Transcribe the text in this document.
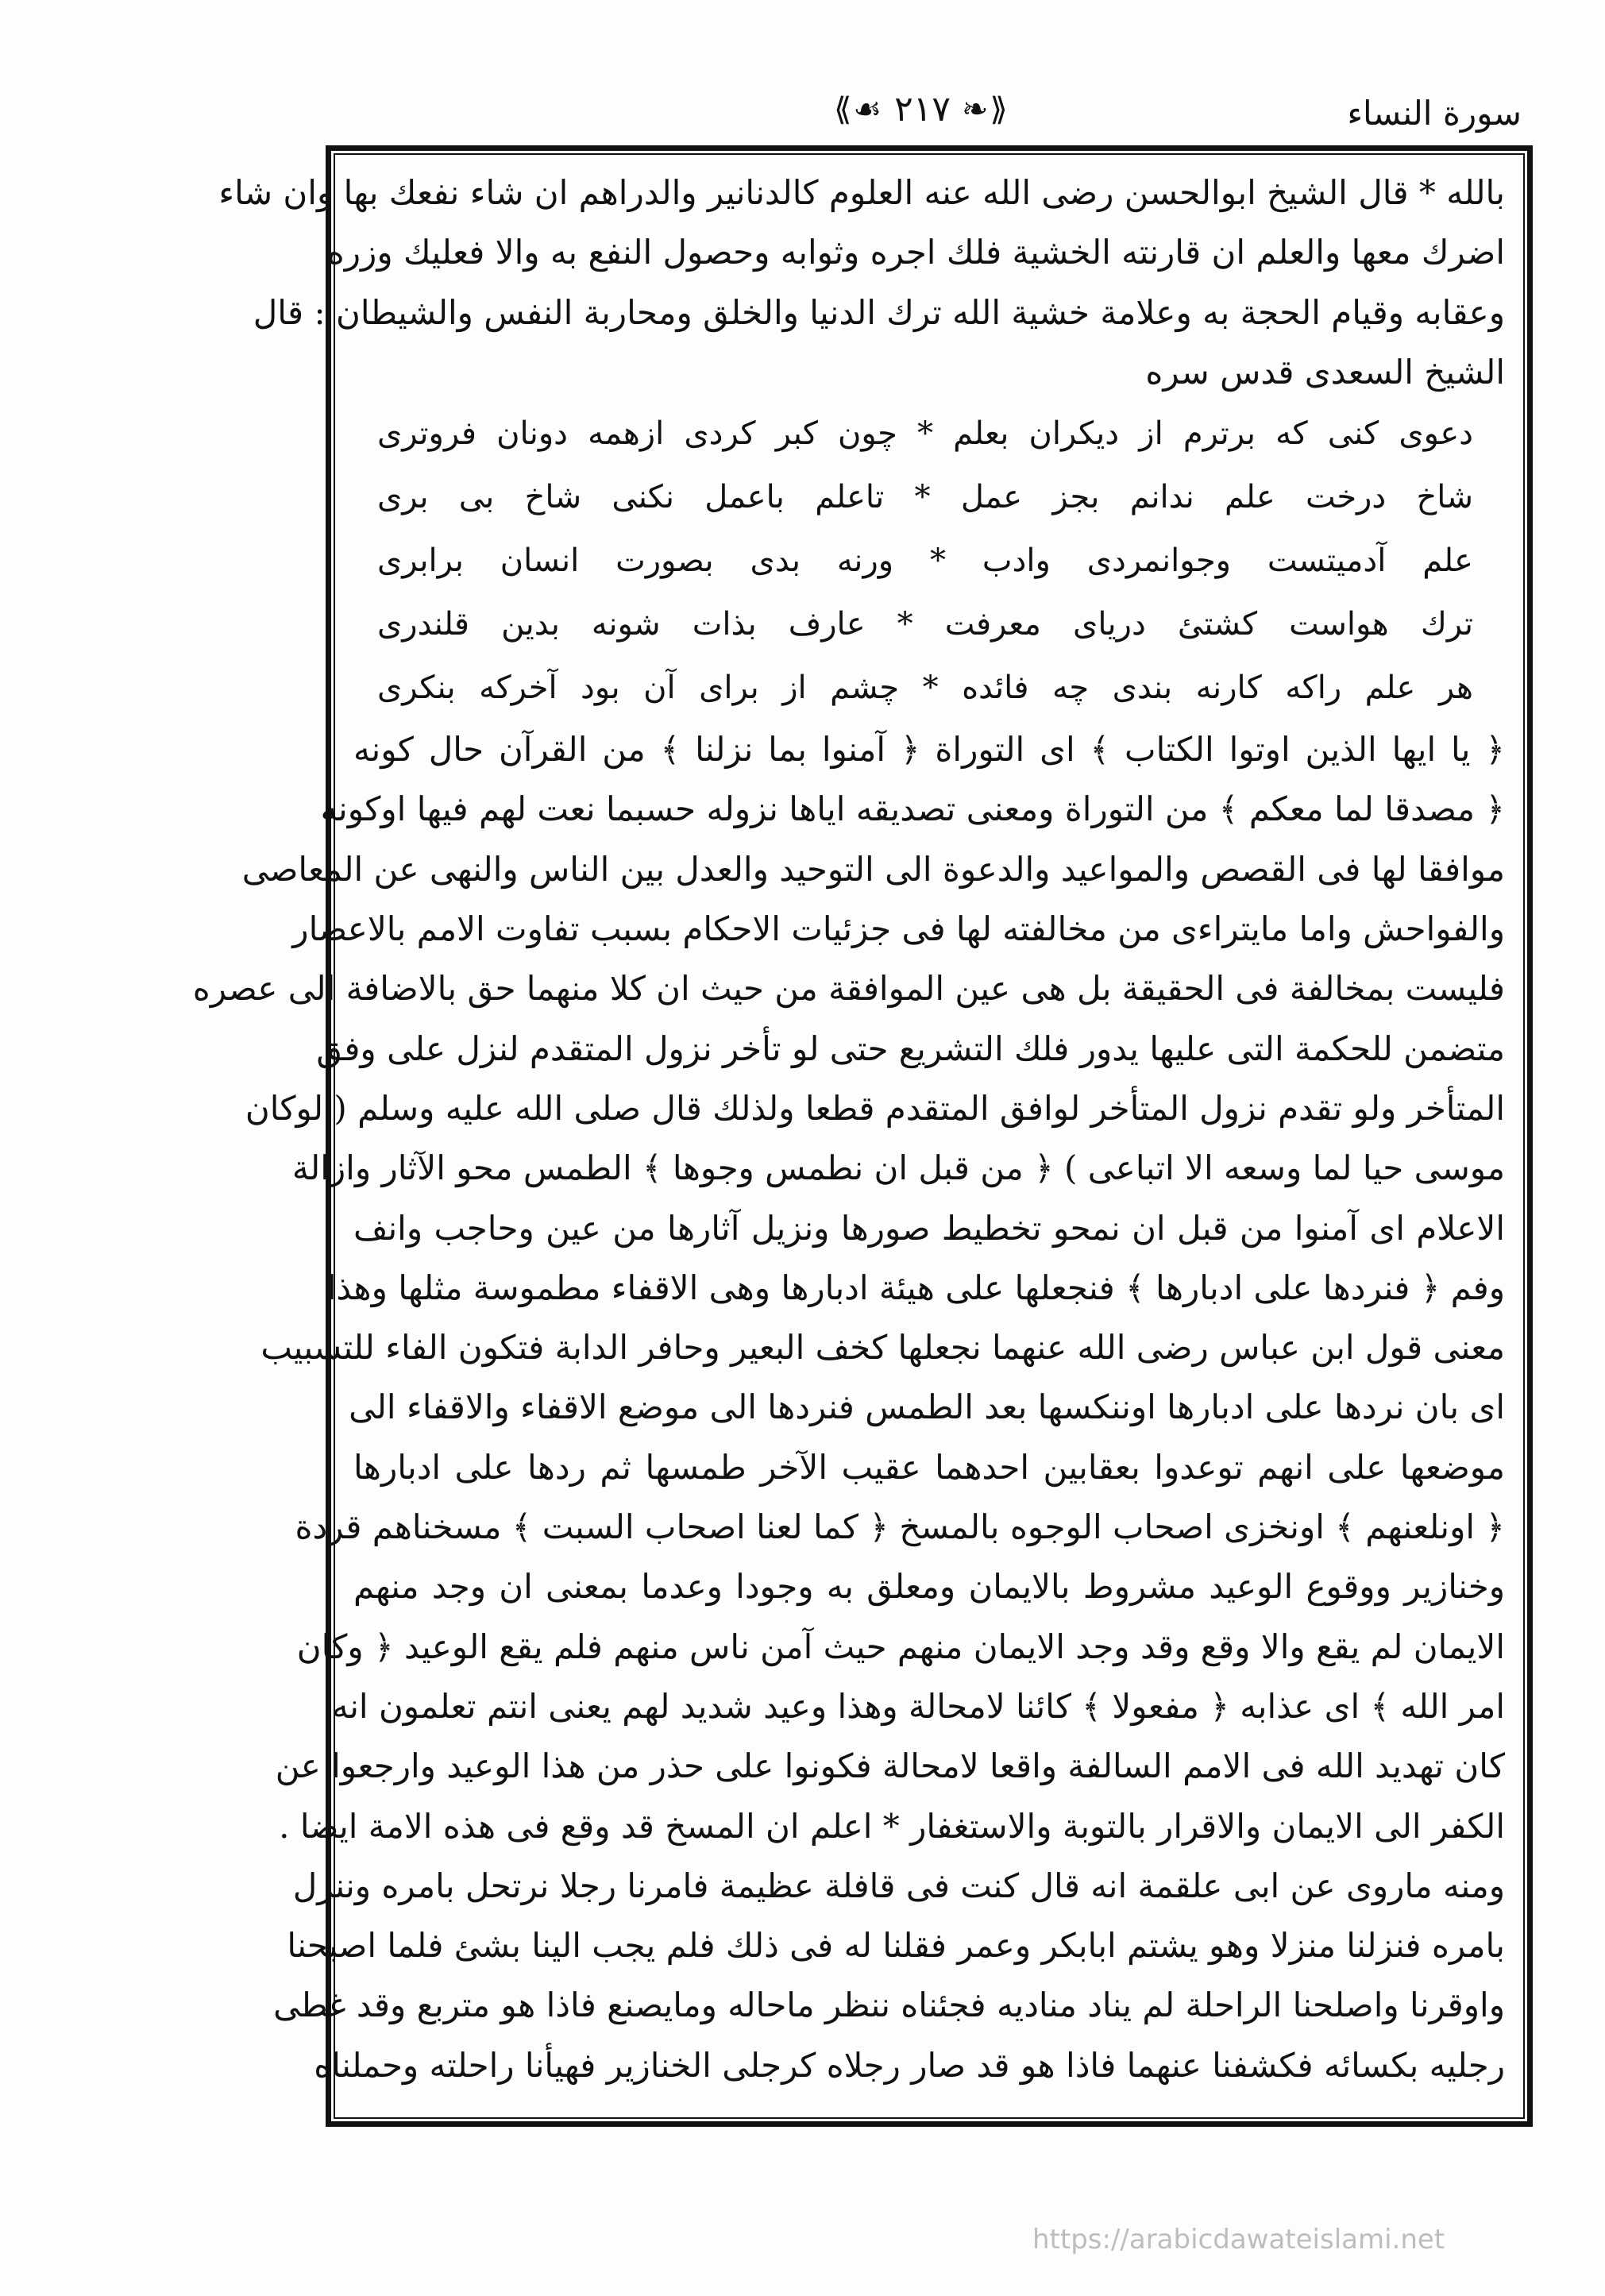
⟪❧
٢١٧
☙⟫	سورة النساء
بالله * قال الشيخ ابوالحسن رضى الله عنه العلوم كالدنانير والدراهم ان شاء نفعك بها وان شاء
اضرك معها والعلم ان قارنته الخشية فلك اجره وثوابه وحصول النفع به والا فعليك وزره
وعقابه وقيام الحجة به وعلامة خشية الله ترك الدنيا والخلق ومحاربة النفس والشيطان : قال
الشيخ السعدى قدس سره
دعوى كنى كه برترم از ديكران بعلم * چون كبر كردى ازهمه دونان فروترى
شاخ درخت علم ندانم بجز عمل * تاعلم باعمل نكنى شاخ بى برى
علم آدميتست وجوانمردى وادب * ورنه بدى بصورت انسان برابرى
ترك هواست كشتئ درياى معرفت * عارف بذات شونه بدين قلندرى
هر علم راكه كارنه بندى چه فائده * چشم از براى آن بود آخركه بنكرى
﴿ يا ايها الذين اوتوا الكتاب ﴾ اى التوراة ﴿ آمنوا بما نزلنا ﴾ من القرآن حال كونه
﴿ مصدقا لما معكم ﴾ من التوراة ومعنى تصديقه اياها نزوله حسبما نعت لهم فيها اوكونه
موافقا لها فى القصص والمواعيد والدعوة الى التوحيد والعدل بين الناس والنهى عن المعاصى
والفواحش واما مايتراءى من مخالفته لها فى جزئيات الاحكام بسبب تفاوت الامم بالاعصار
فليست بمخالفة فى الحقيقة بل هى عين الموافقة من حيث ان كلا منهما حق بالاضافة الى عصره
متضمن للحكمة التى عليها يدور فلك التشريع حتى لو تأخر نزول المتقدم لنزل على وفق
المتأخر ولو تقدم نزول المتأخر لوافق المتقدم قطعا ولذلك قال صلى الله عليه وسلم ( لوكان
موسى حيا لما وسعه الا اتباعى ) ﴿ من قبل ان نطمس وجوها ﴾ الطمس محو الآثار وازالة
الاعلام اى آمنوا من قبل ان نمحو تخطيط صورها ونزيل آثارها من عين وحاجب وانف
وفم ﴿ فنردها على ادبارها ﴾ فنجعلها على هيئة ادبارها وهى الاقفاء مطموسة مثلها وهذا
معنى قول ابن عباس رضى الله عنهما نجعلها كخف البعير وحافر الدابة فتكون الفاء للتسبيب
اى بان نردها على ادبارها اوننكسها بعد الطمس فنردها الى موضع الاقفاء والاقفاء الى
موضعها على انهم توعدوا بعقابين احدهما عقيب الآخر طمسها ثم ردها على ادبارها
﴿ اونلعنهم ﴾ اونخزى اصحاب الوجوه بالمسخ ﴿ كما لعنا اصحاب السبت ﴾ مسخناهم قردة
وخنازير ووقوع الوعيد مشروط بالايمان ومعلق به وجودا وعدما بمعنى ان وجد منهم
الايمان لم يقع والا وقع وقد وجد الايمان منهم حيث آمن ناس منهم فلم يقع الوعيد ﴿ وكان
امر الله ﴾ اى عذابه ﴿ مفعولا ﴾ كائنا لامحالة وهذا وعيد شديد لهم يعنى انتم تعلمون انه
كان تهديد الله فى الامم السالفة واقعا لامحالة فكونوا على حذر من هذا الوعيد وارجعوا عن
الكفر الى الايمان والاقرار بالتوبة والاستغفار * اعلم ان المسخ قد وقع فى هذه الامة ايضا .
ومنه ماروى عن ابى علقمة انه قال كنت فى قافلة عظيمة فامرنا رجلا نرتحل بامره وننزل
بامره فنزلنا منزلا وهو يشتم ابابكر وعمر فقلنا له فى ذلك فلم يجب الينا بشئ فلما اصبحنا
واوقرنا واصلحنا الراحلة لم يناد مناديه فجئناه ننظر ماحاله ومايصنع فاذا هو متربع وقد غطى
رجليه بكسائه فكشفنا عنهما فاذا هو قد صار رجلاه كرجلى الخنازير فهيأنا راحلته وحملناه
https://arabicdawateislami.net
